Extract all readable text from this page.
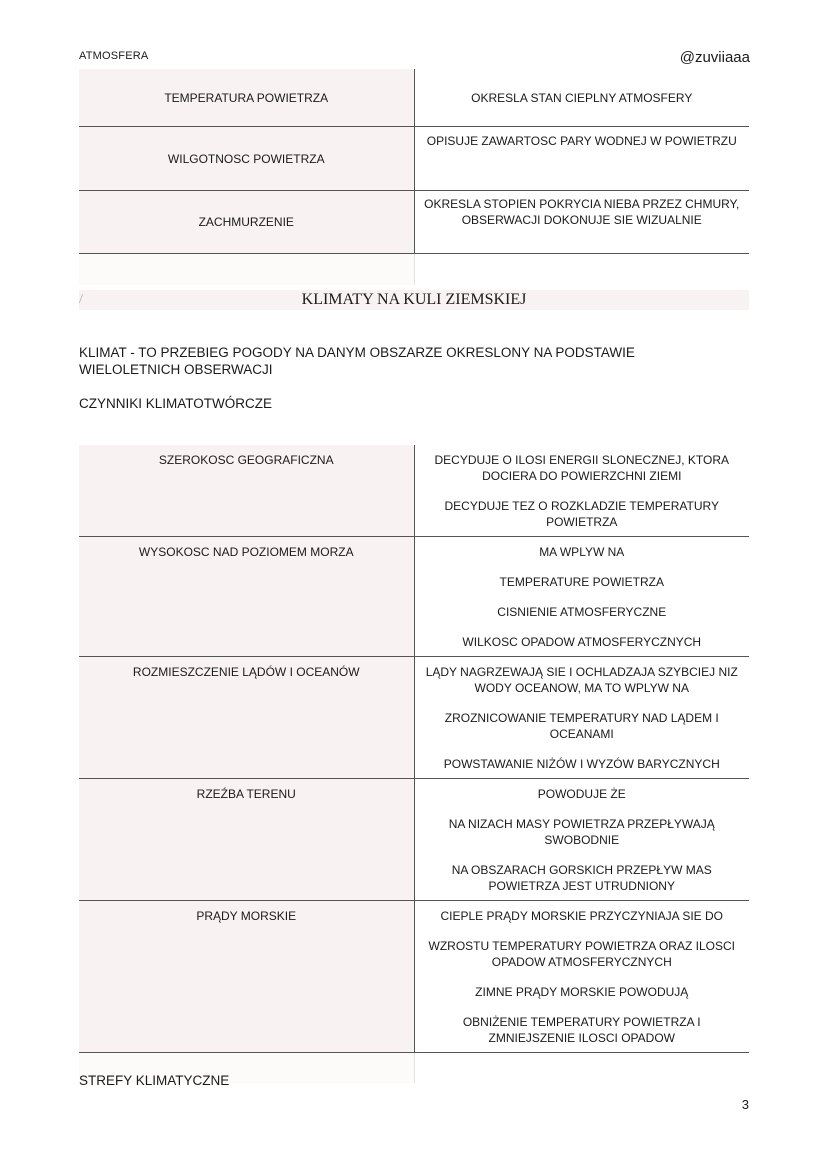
ATMOSFERA	@zuviiaaa
TEMPERATURA POWIETRZA	OKRESLA STAN CIEPLNY ATMOSFERY
WILGOTNOSC POWIETRZA	OPISUJE ZAWARTOSC PARY WODNEJ W POWIETRZU
ZACHMURZENIE	OKRESLA STOPIEN POKRYCIA NIEBA PRZEZ CHMURY, OBSERWACJI DOKONUJE SIE WIZUALNIE

/	KLIMATY NA KULI ZIEMSKIEJ
KLIMAT - TO PRZEBIEG POGODY NA DANYM OBSZARZE OKRESLONY NA PODSTAWIE WIELOLETNICH OBSERWACJI
CZYNNIKI KLIMATOTWÓRCZE
SZEROKOSC GEOGRAFICZNA	DECYDUJE O ILOSI ENERGII SLONECZNEJ, KTORA DOCIERA DO POWIERZCHNI ZIEMI

DECYDUJE TEZ O ROZKLADZIE TEMPERATURY POWIETRZA

WYSOKOSC NAD POZIOMEM MORZA	MA WPLYW NA

TEMPERATURE POWIETRZA

CISNIENIE ATMOSFERYCZNE

WILKOSC OPADOW ATMOSFERYCZNYCH

ROZMIESZCZENIE LĄDÓW I OCEANÓW	LĄDY NAGRZEWAJĄ SIE I OCHLADZAJA SZYBCIEJ NIZ WODY OCEANOW, MA TO WPLYW NA

ZROZNICOWANIE TEMPERATURY NAD LĄDEM I OCEANAMI

POWSTAWANIE NIŻÓW I WYZÓW BARYCZNYCH

RZEŹBA TERENU	POWODUJE ŻE

NA NIZACH MASY POWIETRZA PRZEPŁYWAJĄ SWOBODNIE

NA OBSZARACH GORSKICH PRZEPŁYW MAS POWIETRZA JEST UTRUDNIONY

PRĄDY MORSKIE	CIEPLE PRĄDY MORSKIE PRZYCZYNIAJA SIE DO

WZROSTU TEMPERATURY POWIETRZA ORAZ ILOSCI OPADOW ATMOSFERYCZNYCH

ZIMNE PRĄDY MORSKIE POWODUJĄ

OBNIŻENIE TEMPERATURY POWIETRZA I ZMNIEJSZENIE ILOSCI OPADOW

STREFY KLIMATYCZNE
3
